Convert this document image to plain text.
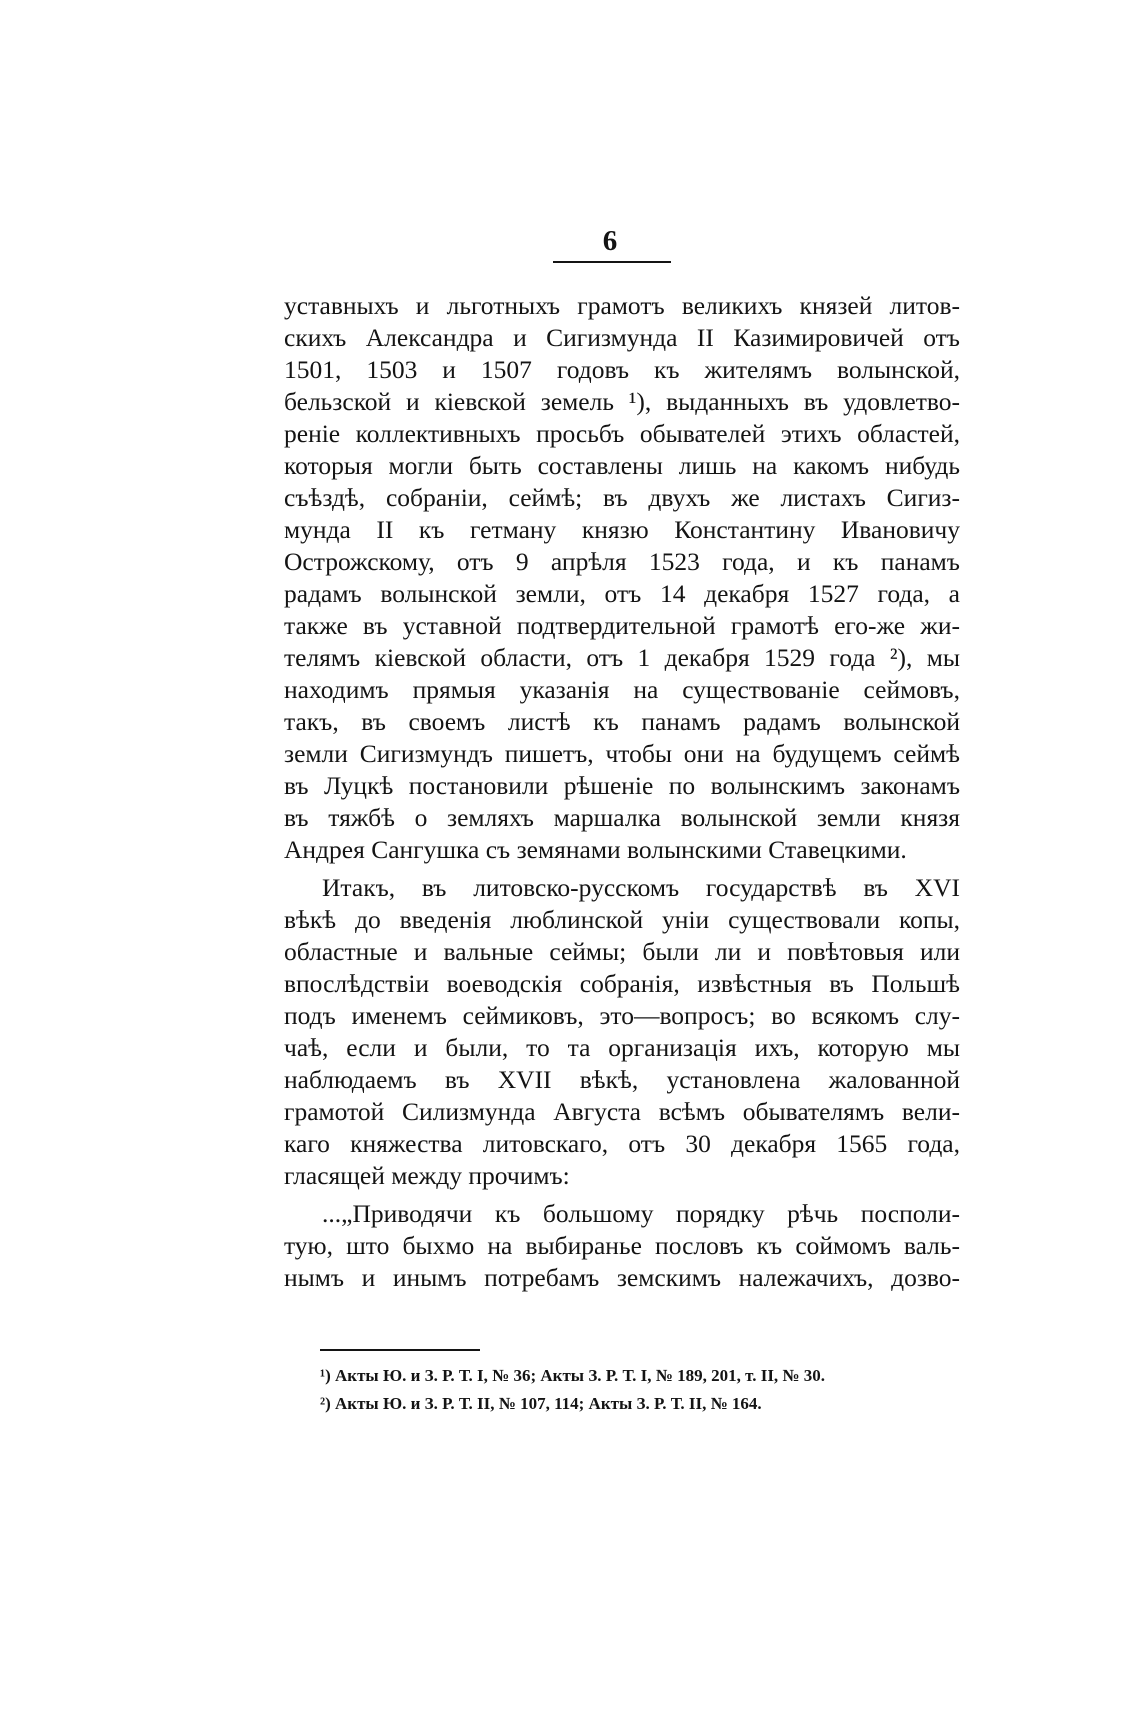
6
уставныхъ и льготныхъ грамотъ великихъ князей литов-
скихъ Александра и Сигизмунда II Казимировичей отъ
1501, 1503 и 1507 годовъ къ жителямъ волынской,
бельзской и кіевской земель ¹), выданныхъ въ удовлетво-
реніе коллективныхъ просьбъ обывателей этихъ областей,
которыя могли быть составлены лишь на какомъ нибудь
съѣздѣ, собраніи, сеймѣ; въ двухъ же листахъ Сигиз-
мунда II къ гетману князю Константину Ивановичу
Острожскому, отъ 9 апрѣля 1523 года, и къ панамъ
радамъ волынской земли, отъ 14 декабря 1527 года, а
также въ уставной подтвердительной грамотѣ его-же жи-
телямъ кіевской области, отъ 1 декабря 1529 года ²), мы
находимъ прямыя указанія на существованіе сеймовъ,
такъ, въ своемъ листѣ къ панамъ радамъ волынской
земли Сигизмундъ пишетъ, чтобы они на будущемъ сеймѣ
въ Луцкѣ постановили рѣшеніе по волынскимъ законамъ
въ тяжбѣ о земляхъ маршалка волынской земли князя
Андрея Сангушка съ земянами волынскими Ставецкими.
Итакъ, въ литовско-русскомъ государствѣ въ XVI
вѣкѣ до введенія люблинской уніи существовали копы,
областные и вальные сеймы; были ли и повѣтовыя или
впослѣдствіи воеводскія собранія, извѣстныя въ Польшѣ
подъ именемъ сеймиковъ, это—вопросъ; во всякомъ слу-
чаѣ, если и были, то та организація ихъ, которую мы
наблюдаемъ въ XVII вѣкѣ, установлена жалованной
грамотой Силизмунда Августа всѣмъ обывателямъ вели-
каго княжества литовскаго, отъ 30 декабря 1565 года,
гласящей между прочимъ:
...„Приводячи къ большому порядку рѣчь посполи-
тую, што быхмо на выбиранье пословъ къ соймомъ валь-
нымъ и инымъ потребамъ земскимъ належачихъ, дозво-
¹) Акты Ю. и З. Р. Т. I, № 36; Акты З. Р. Т. I, № 189, 201, т. II, № 30.
²) Акты Ю. и З. Р. Т. II, № 107, 114; Акты З. Р. Т. II, № 164.
